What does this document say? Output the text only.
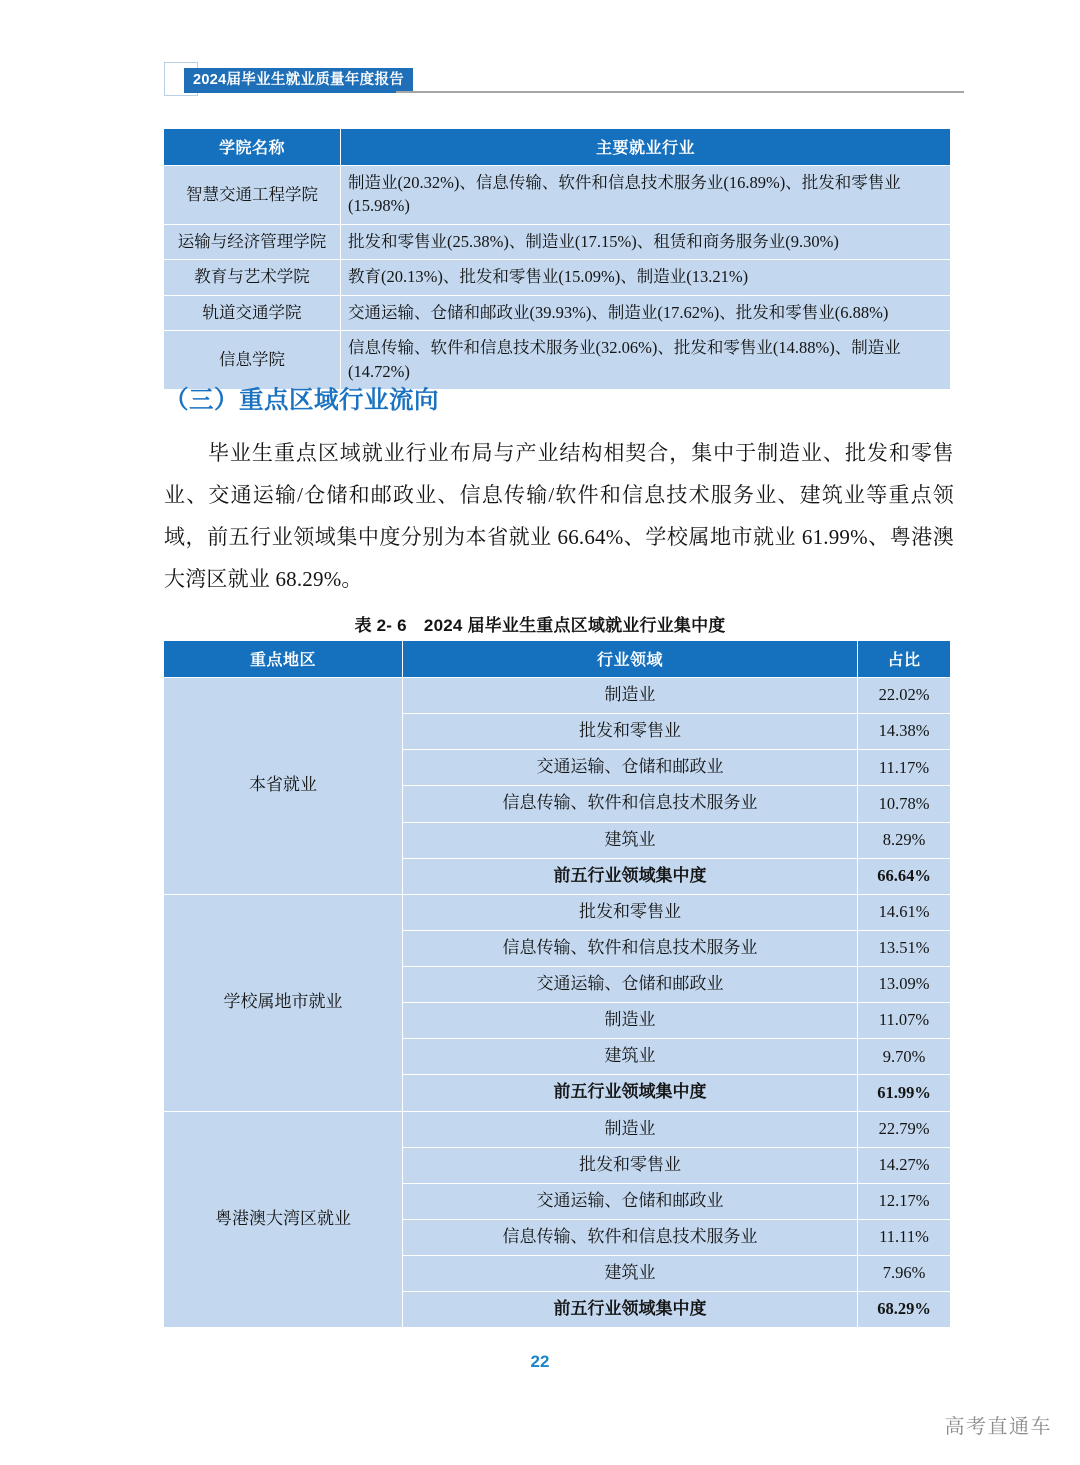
2024届毕业生就业质量年度报告
学院名称	主要就业行业
智慧交通工程学院	制造业(20.32%)、信息传输、软件和信息技术服务业(16.89%)、批发和零售业(15.98%)
运输与经济管理学院	批发和零售业(25.38%)、制造业(17.15%)、租赁和商务服务业(9.30%)
教育与艺术学院	教育(20.13%)、批发和零售业(15.09%)、制造业(13.21%)
轨道交通学院	交通运输、仓储和邮政业(39.93%)、制造业(17.62%)、批发和零售业(6.88%)
信息学院	信息传输、软件和信息技术服务业(32.06%)、批发和零售业(14.88%)、制造业(14.72%)
（三）重点区域行业流向
毕业生重点区域就业行业布局与产业结构相契合，集中于制造业、批发和零售业、交通运输/仓储和邮政业、信息传输/软件和信息技术服务业、建筑业等重点领域，前五行业领域集中度分别为本省就业 66.64%、学校属地市就业 61.99%、粤港澳大湾区就业 68.29%。
表 2- 6　2024 届毕业生重点区域就业行业集中度
重点地区	行业领域	占比
本省就业	制造业	22.02%
	批发和零售业	14.38%
	交通运输、仓储和邮政业	11.17%
	信息传输、软件和信息技术服务业	10.78%
	建筑业	8.29%
	前五行业领域集中度	66.64%
学校属地市就业	批发和零售业	14.61%
	信息传输、软件和信息技术服务业	13.51%
	交通运输、仓储和邮政业	13.09%
	制造业	11.07%
	建筑业	9.70%
	前五行业领域集中度	61.99%
粤港澳大湾区就业	制造业	22.79%
	批发和零售业	14.27%
	交通运输、仓储和邮政业	12.17%
	信息传输、软件和信息技术服务业	11.11%
	建筑业	7.96%
	前五行业领域集中度	68.29%
22
高考直通车
